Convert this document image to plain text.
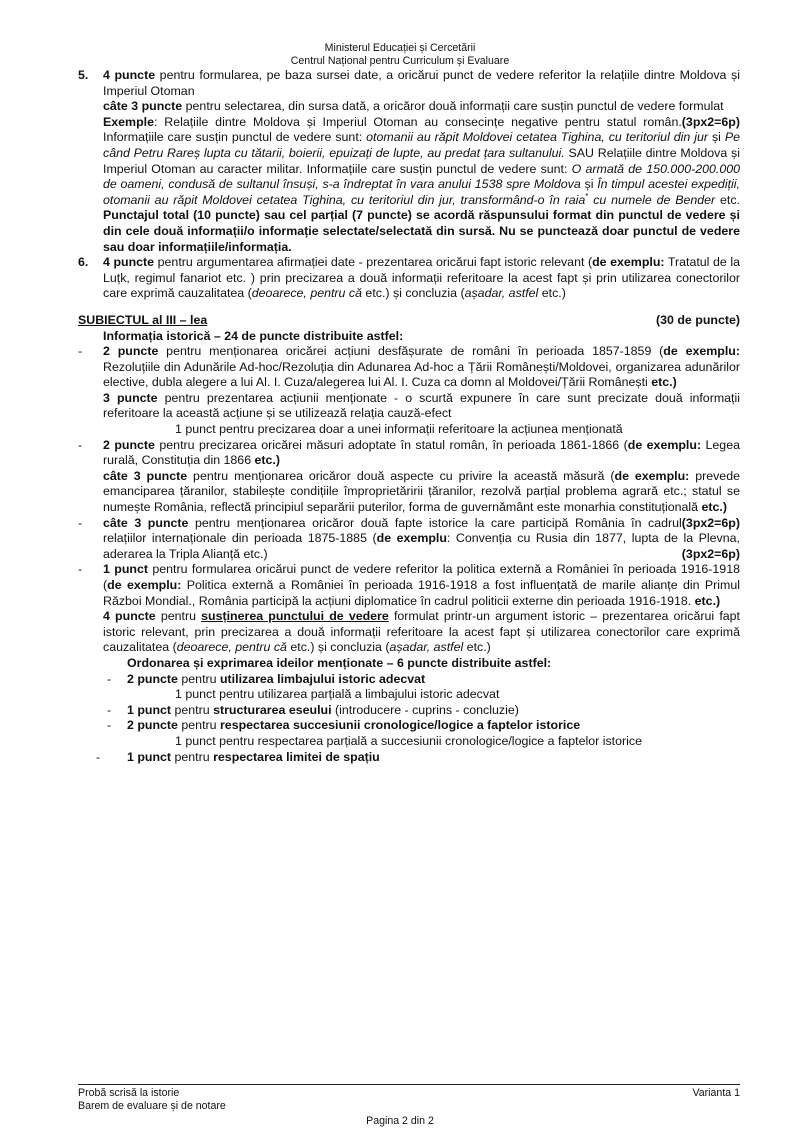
Ministerul Educației și Cercetării
Centrul Național pentru Curriculum și Evaluare
5. 4 puncte pentru formularea, pe baza sursei date, a oricărui punct de vedere referitor la relațiile dintre Moldova și Imperiul Otoman
câte 3 puncte pentru selectarea, din sursa dată, a oricăror două informații care susțin punctul de vedere formulat
(3px2=6p)
Exemple: Relațiile dintre Moldova și Imperiul Otoman au consecințe negative pentru statul român. Informațiile care susțin punctul de vedere sunt: otomanii au răpit Moldovei cetatea Tighina, cu teritoriul din jur și Pe când Petru Rareș lupta cu tătarii, boierii, epuizați de lupte, au predat țara sultanului. SAU Relațiile dintre Moldova și Imperiul Otoman au caracter militar. Informațiile care susțin punctul de vedere sunt: O armată de 150.000-200.000 de oameni, condusă de sultanul însuși, s-a îndreptat în vara anului 1538 spre Moldova și În timpul acestei expediții, otomanii au răpit Moldovei cetatea Tighina, cu teritoriul din jur, transformând-o în raia* cu numele de Bender etc. Punctajul total (10 puncte) sau cel parțial (7 puncte) se acordă răspunsului format din punctul de vedere și din cele două informații/o informație selectate/selectată din sursă. Nu se punctează doar punctul de vedere sau doar informațiile/informația.
6. 4 puncte pentru argumentarea afirmației date - prezentarea oricărui fapt istoric relevant (de exemplu: Tratatul de la Luțk, regimul fanariot etc. ) prin precizarea a două informații referitoare la acest fapt și prin utilizarea conectorilor care exprimă cauzalitatea (deoarece, pentru că etc.) și concluzia (așadar, astfel etc.)
SUBIECTUL al III – lea	(30 de puncte)
Informația istorică – 24 de puncte distribuite astfel:
- 2 puncte pentru menționarea oricărei acțiuni desfășurate de români în perioada 1857-1859 (de exemplu: Rezoluțiile din Adunările Ad-hoc/Rezoluția din Adunarea Ad-hoc a Țării Românești/Moldovei, organizarea adunărilor elective, dubla alegere a lui Al. I. Cuza/alegerea lui Al. I. Cuza ca domn al Moldovei/Țării Românești etc.)
3 puncte pentru prezentarea acțiunii menționate - o scurtă expunere în care sunt precizate două informații referitoare la această acțiune și se utilizează relația cauză-efect
1 punct pentru precizarea doar a unei informații referitoare la acțiunea menționată
- 2 puncte pentru precizarea oricărei măsuri adoptate în statul român, în perioada 1861-1866 (de exemplu: Legea rurală, Constituția din 1866 etc.)
câte 3 puncte pentru menționarea oricăror două aspecte cu privire la această măsură (de exemplu: prevede emanciparea țăranilor, stabilește condițiile împroprietăririi țăranilor, rezolvă parțial problema agrară etc.; statul se numește România, reflectă principiul separării puterilor, forma de guvernământ este monarhia constituțională etc.)
(3px2=6p)
- câte 3 puncte pentru menționarea oricăror două fapte istorice la care participă România în cadrul relațiilor internaționale din perioada 1875-1885 (de exemplu: Convenția cu Rusia din 1877, lupta de la Plevna, aderarea la Tripla Alianță etc.)	(3px2=6p)
- 1 punct pentru formularea oricărui punct de vedere referitor la politica externă a României în perioada 1916-1918 (de exemplu: Politica externă a României în perioada 1916-1918 a fost influențată de marile alianțe din Primul Război Mondial., România participă la acțiuni diplomatice în cadrul politicii externe din perioada 1916-1918. etc.)
4 puncte pentru susținerea punctului de vedere formulat printr-un argument istoric – prezentarea oricărui fapt istoric relevant, prin precizarea a două informații referitoare la acest fapt și utilizarea conectorilor care exprimă cauzalitatea (deoarece, pentru că etc.) și concluzia (așadar, astfel etc.)
Ordonarea și exprimarea ideilor menționate – 6 puncte distribuite astfel:
- 2 puncte pentru utilizarea limbajului istoric adecvat
1 punct pentru utilizarea parțială a limbajului istoric adecvat
- 1 punct pentru structurarea eseului (introducere - cuprins - concluzie)
- 2 puncte pentru respectarea succesiunii cronologice/logice a faptelor istorice
1 punct pentru respectarea parțială a succesiunii cronologice/logice a faptelor istorice
- 1 punct pentru respectarea limitei de spațiu
Probă scrisă la istorie
Barem de evaluare și de notare
Varianta 1
Pagina 2 din 2
